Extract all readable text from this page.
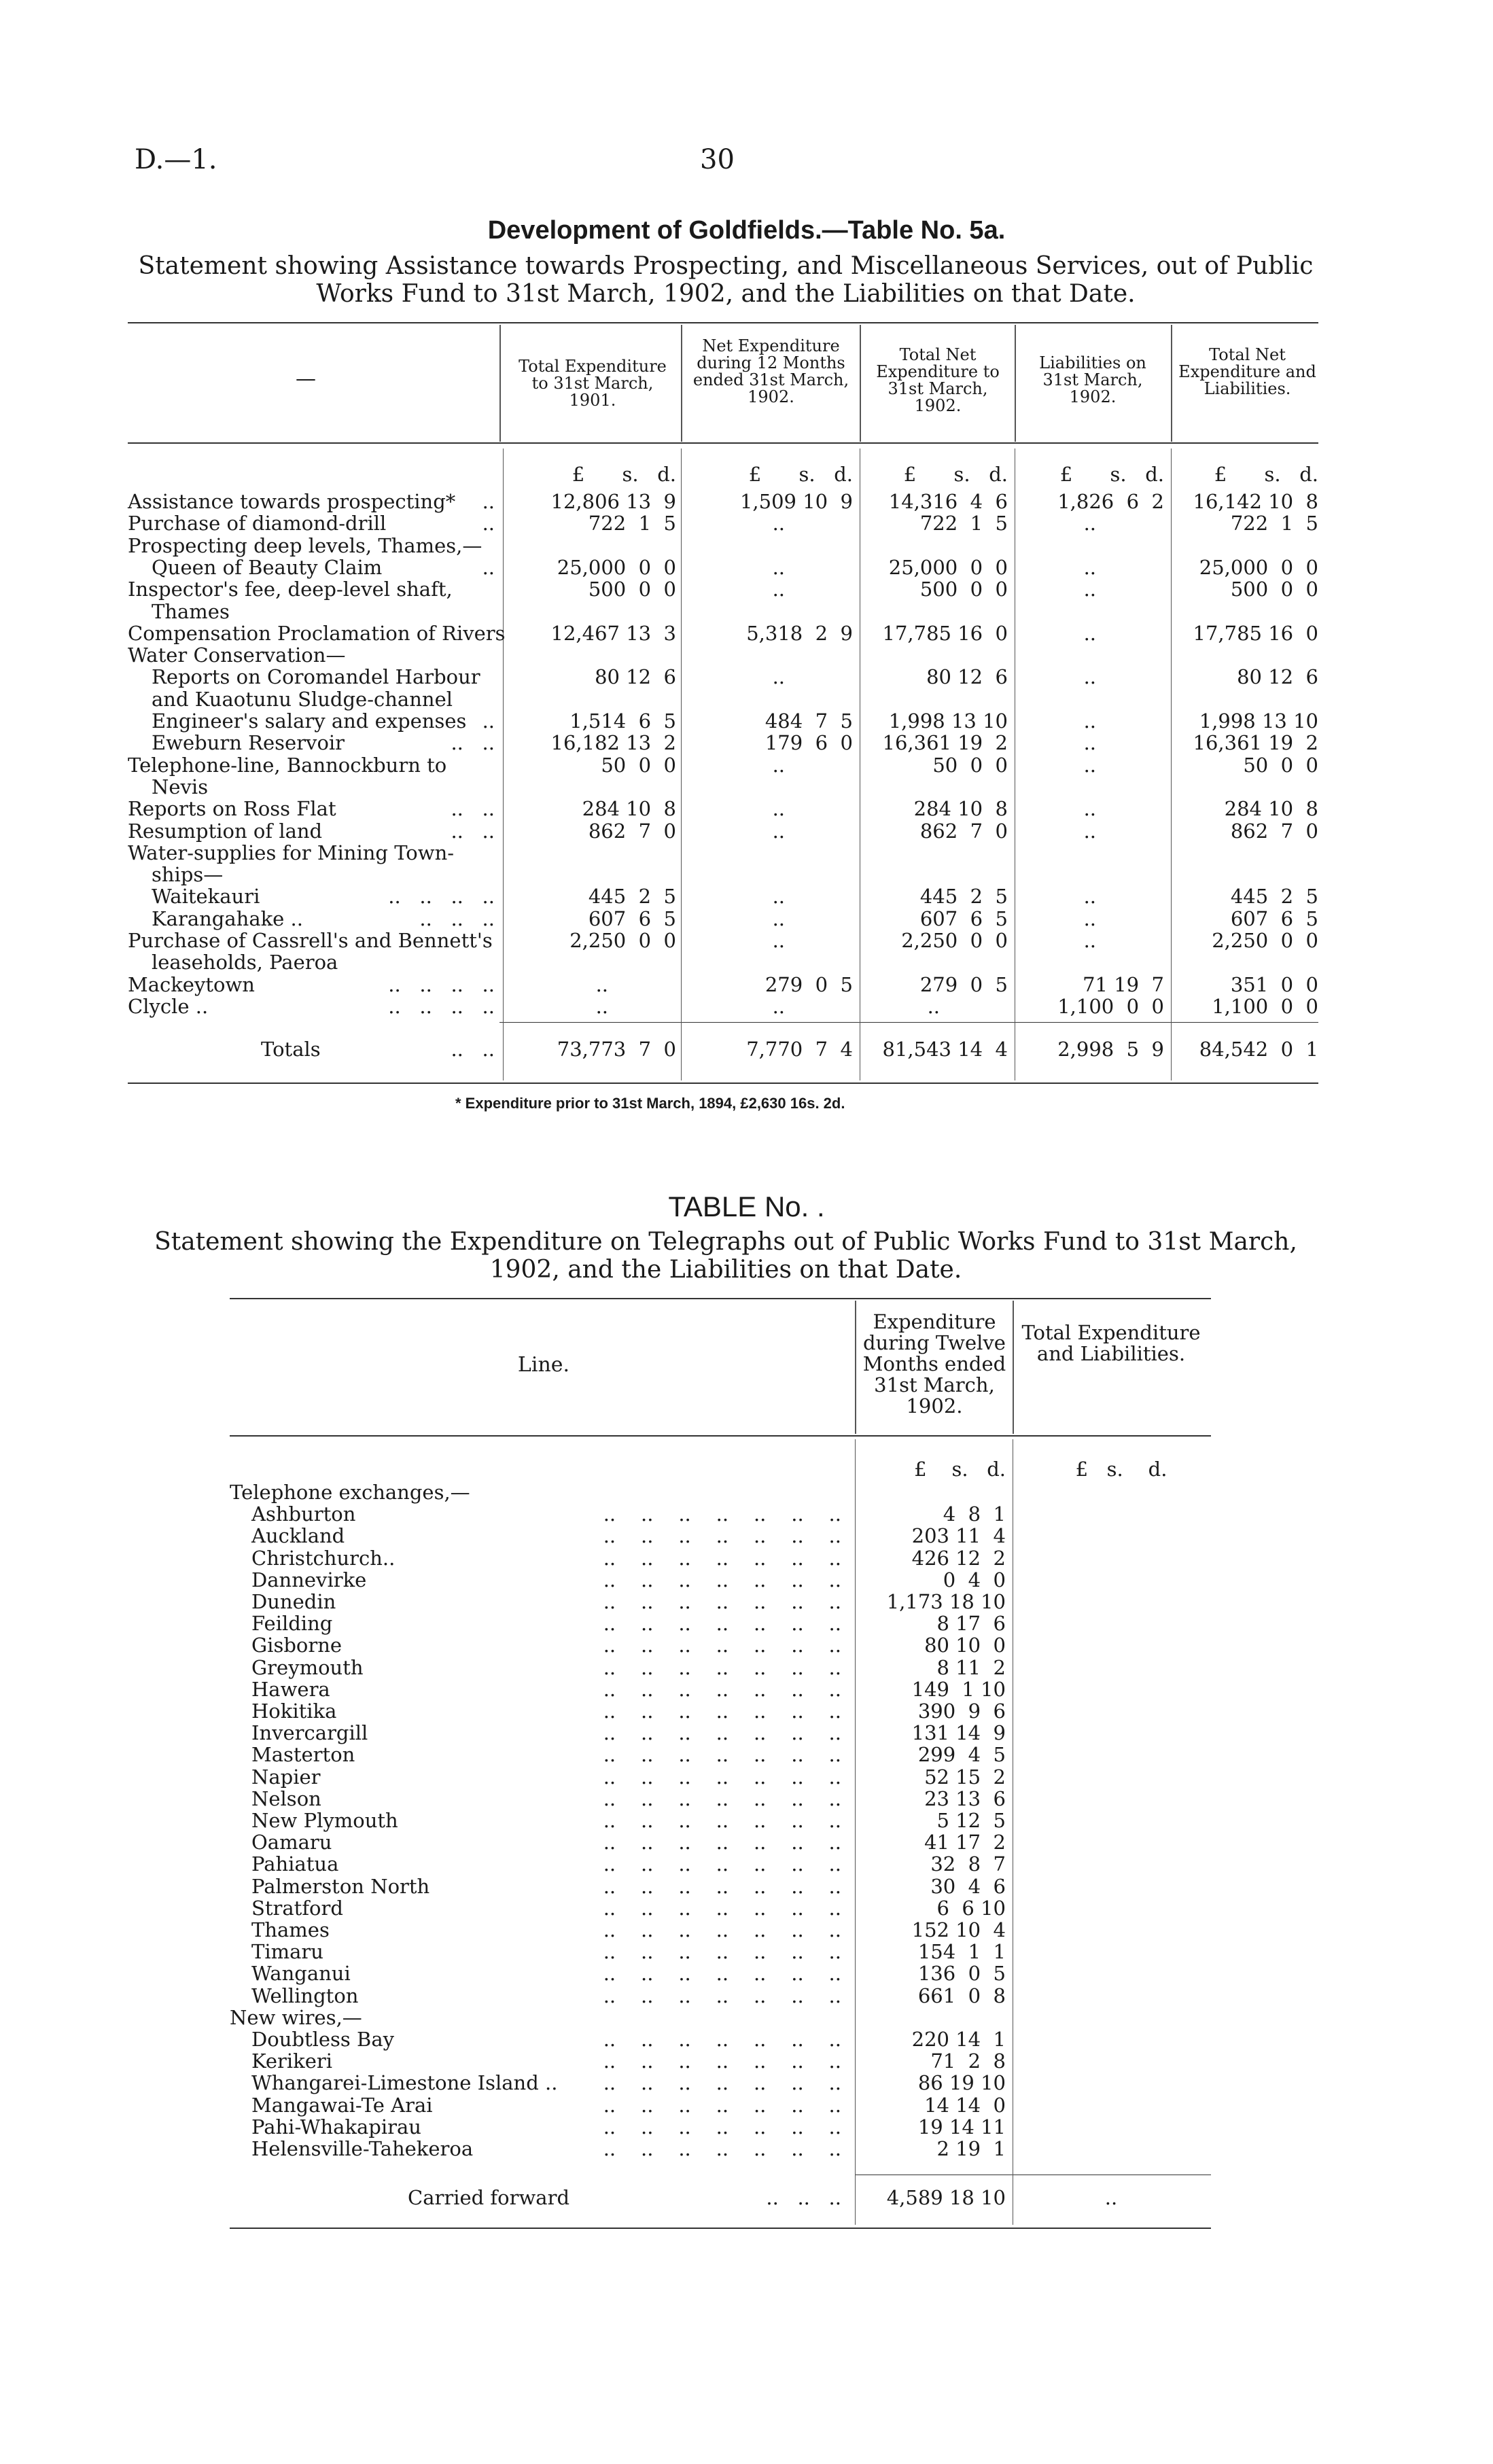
D.—1.	30
Development of Goldfields.—Table No. 5a.
Statement showing Assistance towards Prospecting, and Miscellaneous Services, out of Public Works Fund to 31st March, 1902, and the Liabilities on that Date.
—
Total Expenditure to 31st March, 1901.
Net Expenditure during 12 Months ended 31st March, 1902.
Total Net Expenditure to 31st March, 1902.
Liabilities on 31st March, 1902.
Total Net Expenditure and Liabilities.
£      s.   d.	£      s.   d.	£      s.   d.	£      s.   d.	£      s.   d.
Assistance towards prospecting* ..	12,806 13  9	1,509 10  9	14,316  4  6	1,826  6  2	16,142 10  8
Purchase of diamond-drill	..	722  1  5	..	722  1  5	..	722  1  5
Prospecting deep levels, Thames,—
Queen of Beauty Claim	..	25,000  0  0	..	25,000  0  0	..	25,000  0  0
Inspector's fee, deep-level shaft,	500  0  0	..	500  0  0	..	500  0  0
Thames
Compensation Proclamation of Rivers	12,467 13  3	5,318  2  9	17,785 16  0	..	17,785 16  0
Water Conservation—
Reports on Coromandel Harbour	80 12  6	..	80 12  6	..	80 12  6
and Kuaotunu Sludge-channel
Engineer's salary and expenses ..	1,514  6  5	484  7  5	1,998 13 10	..	1,998 13 10
Eweburn Reservoir	..   ..	16,182 13  2	179  6  0	16,361 19  2	..	16,361 19  2
Telephone-line, Bannockburn to	50  0  0	..	50  0  0	..	50  0  0
Nevis
Reports on Ross Flat	..   ..	284 10  8	..	284 10  8	..	284 10  8
Resumption of land	..   ..	862  7  0	..	862  7  0	..	862  7  0
Water-supplies for Mining Town-
ships—
Waitekauri	..   ..   ..   ..	445  2  5	..	445  2  5	..	445  2  5
Karangahake ..	..   ..   ..	607  6  5	..	607  6  5	..	607  6  5
Purchase of Cassrell's and Bennett's	2,250  0  0	..	2,250  0  0	..	2,250  0  0
leaseholds, Paeroa
Mackeytown	..   ..   ..   ..	..	279  0  5	279  0  5	71 19  7	351  0  0
Clycle ..	..   ..   ..   ..	..	..	..	1,100  0  0	1,100  0  0
Totals	..   ..	73,773  7  0	7,770  7  4	81,543 14  4	2,998  5  9	84,542  0  1
* Expenditure prior to 31st March, 1894, £2,630 16s. 2d.
TABLE No. .
Statement showing the Expenditure on Telegraphs out of Public Works Fund to 31st March, 1902, and the Liabilities on that Date.
Line.
Expenditure during Twelve Months ended 31st March, 1902.
Total Expenditure and Liabilities.
£    s.   d.	£   s.    d.
Telephone exchanges,—
Ashburton	..    ..    ..    ..    ..    ..    ..	4  8  1
Auckland	..    ..    ..    ..    ..    ..    ..	203 11  4
Christchurch..	..    ..    ..    ..    ..    ..    ..	426 12  2
Dannevirke	..    ..    ..    ..    ..    ..    ..	0  4  0
Dunedin	..    ..    ..    ..    ..    ..    ..	1,173 18 10
Feilding	..    ..    ..    ..    ..    ..    ..	8 17  6
Gisborne	..    ..    ..    ..    ..    ..    ..	80 10  0
Greymouth	..    ..    ..    ..    ..    ..    ..	8 11  2
Hawera	..    ..    ..    ..    ..    ..    ..	149  1 10
Hokitika	..    ..    ..    ..    ..    ..    ..	390  9  6
Invercargill	..    ..    ..    ..    ..    ..    ..	131 14  9
Masterton	..    ..    ..    ..    ..    ..    ..	299  4  5
Napier	..    ..    ..    ..    ..    ..    ..	52 15  2
Nelson	..    ..    ..    ..    ..    ..    ..	23 13  6
New Plymouth	..    ..    ..    ..    ..    ..    ..	5 12  5
Oamaru	..    ..    ..    ..    ..    ..    ..	41 17  2
Pahiatua	..    ..    ..    ..    ..    ..    ..	32  8  7
Palmerston North	..    ..    ..    ..    ..    ..    ..	30  4  6
Stratford	..    ..    ..    ..    ..    ..    ..	6  6 10
Thames	..    ..    ..    ..    ..    ..    ..	152 10  4
Timaru	..    ..    ..    ..    ..    ..    ..	154  1  1
Wanganui	..    ..    ..    ..    ..    ..    ..	136  0  5
Wellington	..    ..    ..    ..    ..    ..    ..	661  0  8
New wires,—
Doubtless Bay	..    ..    ..    ..    ..    ..    ..	220 14  1
Kerikeri	..    ..    ..    ..    ..    ..    ..	71  2  8
Whangarei-Limestone Island .. ..    ..    ..    ..    ..    ..    ..	86 19 10
Mangawai-Te Arai	..    ..    ..    ..    ..    ..    ..	14 14  0
Pahi-Whakapirau	..    ..    ..    ..    ..    ..    ..	19 14 11
Helensville-Tahekeroa	..    ..    ..    ..    ..    ..    ..	2 19  1
Carried forward	..   ..   ..	4,589 18 10	..
